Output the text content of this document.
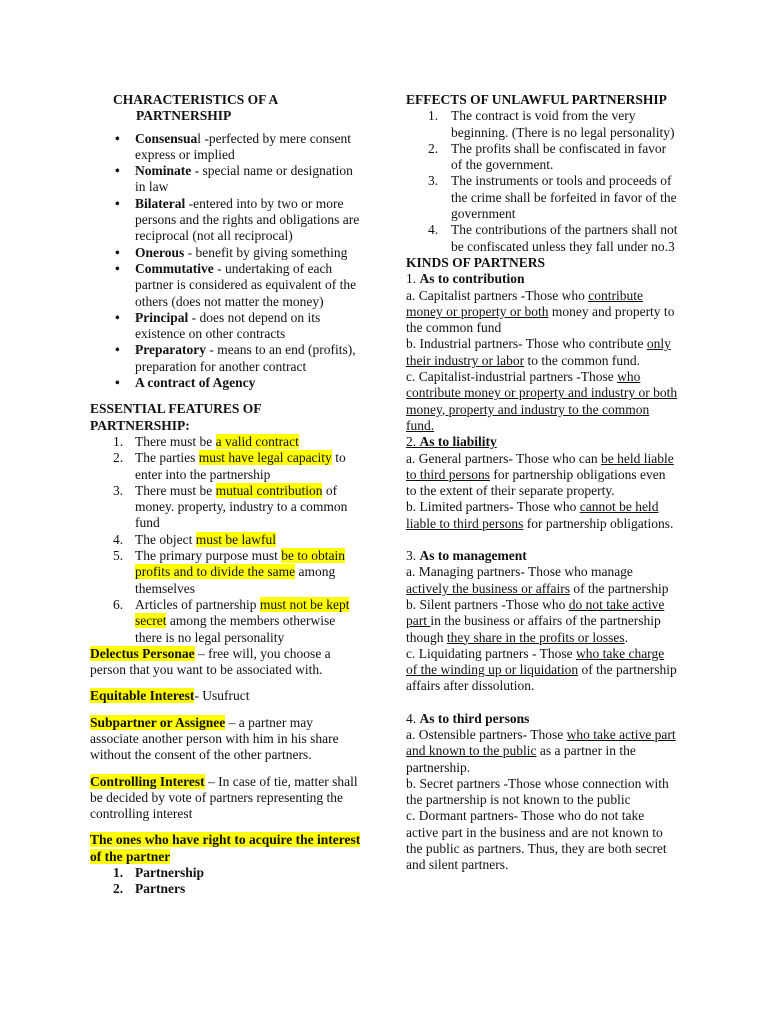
CHARACTERISTICS OF A
PARTNERSHIP

• Consensual -perfected by mere consent express or implied
• Nominate - special name or designation in law
• Bilateral -entered into by two or more persons and the rights and obligations are reciprocal (not all reciprocal)
• Onerous - benefit by giving something
• Commutative - undertaking of each partner is considered as equivalent of the others (does not matter the money)
• Principal - does not depend on its existence on other contracts
• Preparatory - means to an end (profits), preparation for another contract
• A contract of Agency

ESSENTIAL FEATURES OF
PARTNERSHIP:

1. There must be a valid contract
2. The parties must have legal capacity to enter into the partnership
3. There must be mutual contribution of money. property, industry to a common fund
4. The object must be lawful
5. The primary purpose must be to obtain profits and to divide the same among themselves
6. Articles of partnership must not be kept secret among the members otherwise there is no legal personality

Delectus Personae – free will, you choose a person that you want to be associated with.

Equitable Interest- Usufruct

Subpartner or Assignee – a partner may associate another person with him in his share without the consent of the other partners.

Controlling Interest – In case of tie, matter shall be decided by vote of partners representing the controlling interest

The ones who have right to acquire the interest of the partner

1. Partnership
2. Partners

EFFECTS OF UNLAWFUL PARTNERSHIP

1. The contract is void from the very beginning. (There is no legal personality)
2. The profits shall be confiscated in favor of the government.
3. The instruments or tools and proceeds of the crime shall be forfeited in favor of the government
4. The contributions of the partners shall not be confiscated unless they fall under no.3

KINDS OF PARTNERS

1. As to contribution

a. Capitalist partners -Those who contribute money or property or both money and property to the common fund

b. Industrial partners- Those who contribute only their industry or labor to the common fund.

c. Capitalist-industrial partners -Those who contribute money or property and industry or both money, property and industry to the common fund.

2. As to liability

a. General partners- Those who can be held liable to third persons for partnership obligations even to the extent of their separate property.

b. Limited partners- Those who cannot be held liable to third persons for partnership obligations.

3. As to management

a. Managing partners- Those who manage actively the business or affairs of the partnership

b. Silent partners -Those who do not take active part in the business or affairs of the partnership though they share in the profits or losses.

c. Liquidating partners - Those who take charge of the winding up or liquidation of the partnership affairs after dissolution.

4. As to third persons

a. Ostensible partners- Those who take active part and known to the public as a partner in the partnership.

b. Secret partners -Those whose connection with the partnership is not known to the public

c. Dormant partners- Those who do not take active part in the business and are not known to the public as partners. Thus, they are both secret and silent partners.
